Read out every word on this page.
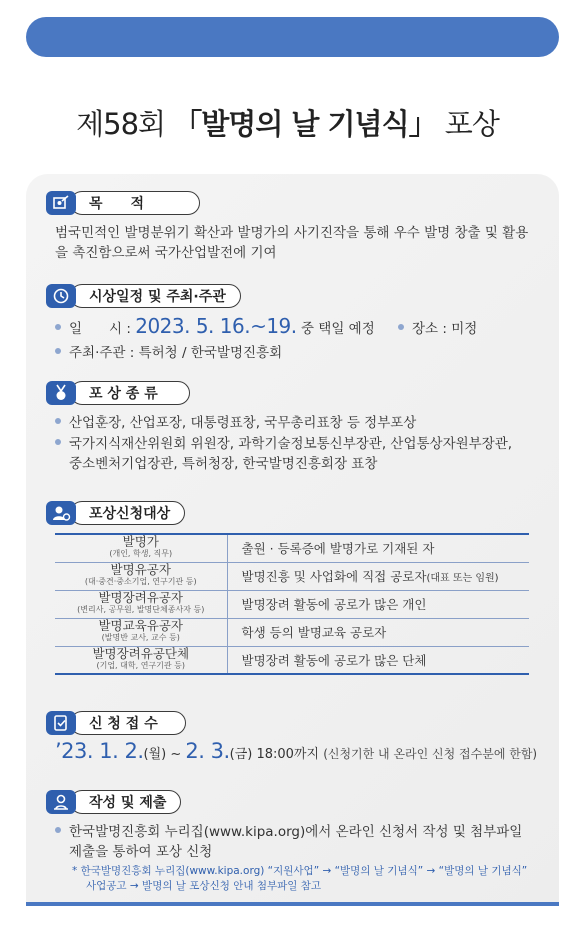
제58회 「발명의 날 기념식」 포상
목　　적
범국민적인 발명분위기 확산과 발명가의 사기진작을 통해 우수 발명 창출 및 활용을 촉진함으로써 국가산업발전에 기여
시상일정 및 주최·주관
일　　시 : 2023. 5. 16.~19. 중 택일 예정	장소 : 미정
주최·주관 : 특허청 / 한국발명진흥회
포 상 종 류
산업훈장, 산업포장, 대통령표창, 국무총리표창 등 정부포상
국가지식재산위원회 위원장, 과학기술정보통신부장관, 산업통상자원부장관,
중소벤처기업장관, 특허청장, 한국발명진흥회장 표창
포상신청대상
발명가
(개인, 학생, 직무)	출원 · 등록증에 발명가로 기재된 자

발명유공자
(대·중견·중소기업, 연구기관 등)	발명진흥 및 사업화에 직접 공로자(대표 또는 임원)

발명장려유공자
(변리사, 공무원, 발명단체종사자 등)	발명장려 활동에 공로가 많은 개인

발명교육유공자
(발명반 교사, 교수 등)	학생 등의 발명교육 공로자

발명장려유공단체
(기업, 대학, 연구기관 등)	발명장려 활동에 공로가 많은 단체
신 청 접 수
’23. 1. 2.(월) ~ 2. 3.(금) 18:00까지 (신청기한 내 온라인 신청 접수분에 한함)
작성 및 제출
한국발명진흥회 누리집(www.kipa.org)에서 온라인 신청서 작성 및 첨부파일
제출을 통하여 포상 신청
* 한국발명진흥회 누리집(www.kipa.org) “지원사업” → “발명의 날 기념식” → “발명의 날 기념식”
사업공고 → 발명의 날 포상신청 안내 첨부파일 참고
